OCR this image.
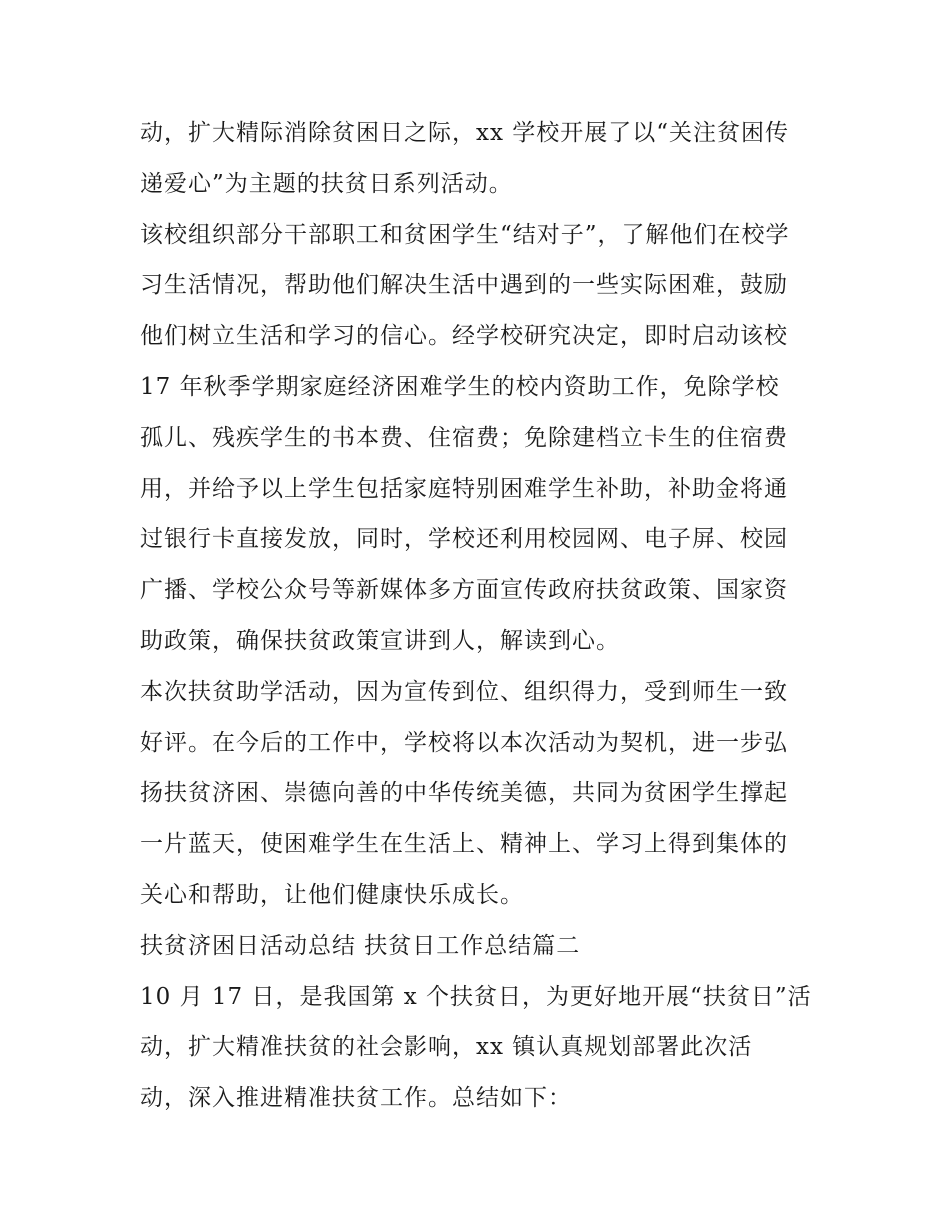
动，扩大精际消除贫困日之际，xx 学校开展了以“关注贫困传
递爱心”为主题的扶贫日系列活动。
该校组织部分干部职工和贫困学生“结对子”，了解他们在校学
习生活情况，帮助他们解决生活中遇到的一些实际困难，鼓励
他们树立生活和学习的信心。经学校研究决定，即时启动该校
17 年秋季学期家庭经济困难学生的校内资助工作，免除学校
孤儿、残疾学生的书本费、住宿费；免除建档立卡生的住宿费
用，并给予以上学生包括家庭特别困难学生补助，补助金将通
过银行卡直接发放，同时，学校还利用校园网、电子屏、校园
广播、学校公众号等新媒体多方面宣传政府扶贫政策、国家资
助政策，确保扶贫政策宣讲到人，解读到心。
本次扶贫助学活动，因为宣传到位、组织得力，受到师生一致
好评。在今后的工作中，学校将以本次活动为契机，进一步弘
扬扶贫济困、崇德向善的中华传统美德，共同为贫困学生撑起
一片蓝天，使困难学生在生活上、精神上、学习上得到集体的
关心和帮助，让他们健康快乐成长。
扶贫济困日活动总结 扶贫日工作总结篇二
10 月 17 日，是我国第 x 个扶贫日，为更好地开展“扶贫日”活
动，扩大精准扶贫的社会影响，xx 镇认真规划部署此次活
动，深入推进精准扶贫工作。总结如下：
